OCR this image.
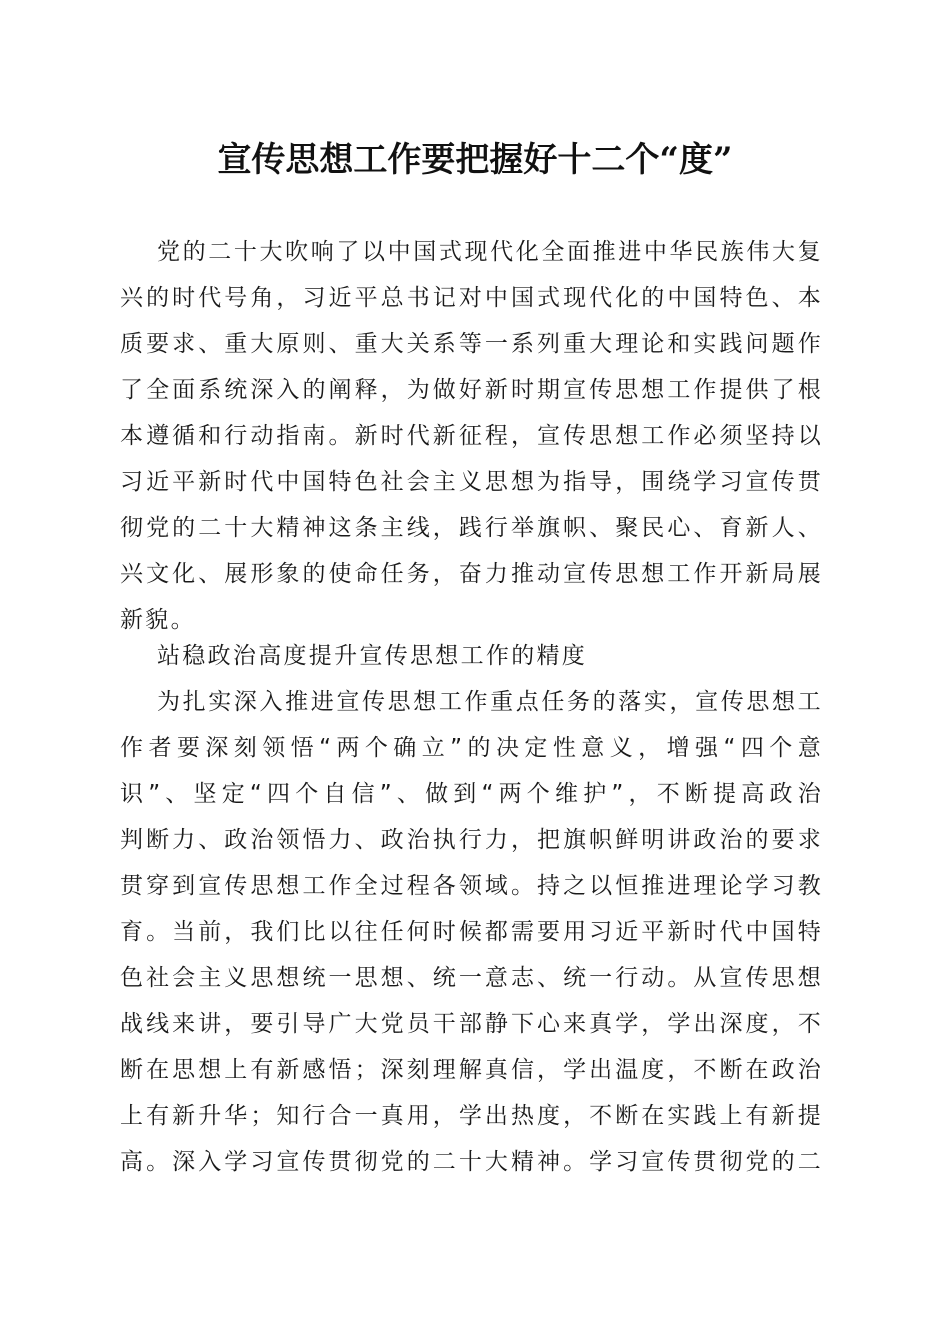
宣传思想工作要把握好十二个“度”
党的二十大吹响了以中国式现代化全面推进中华民族伟大复
兴的时代号角，习近平总书记对中国式现代化的中国特色、本
质要求、重大原则、重大关系等一系列重大理论和实践问题作
了全面系统深入的阐释，为做好新时期宣传思想工作提供了根
本遵循和行动指南。新时代新征程，宣传思想工作必须坚持以
习近平新时代中国特色社会主义思想为指导，围绕学习宣传贯
彻党的二十大精神这条主线，践行举旗帜、聚民心、育新人、
兴文化、展形象的使命任务，奋力推动宣传思想工作开新局展
新貌。
站稳政治高度提升宣传思想工作的精度
为扎实深入推进宣传思想工作重点任务的落实，宣传思想工
作者要深刻领悟“两个确立”的决定性意义，增强“四个意
识”、坚定“四个自信”、做到“两个维护”，不断提高政治
判断力、政治领悟力、政治执行力，把旗帜鲜明讲政治的要求
贯穿到宣传思想工作全过程各领域。持之以恒推进理论学习教
育。当前，我们比以往任何时候都需要用习近平新时代中国特
色社会主义思想统一思想、统一意志、统一行动。从宣传思想
战线来讲，要引导广大党员干部静下心来真学，学出深度，不
断在思想上有新感悟；深刻理解真信，学出温度，不断在政治
上有新升华；知行合一真用，学出热度，不断在实践上有新提
高。深入学习宣传贯彻党的二十大精神。学习宣传贯彻党的二
